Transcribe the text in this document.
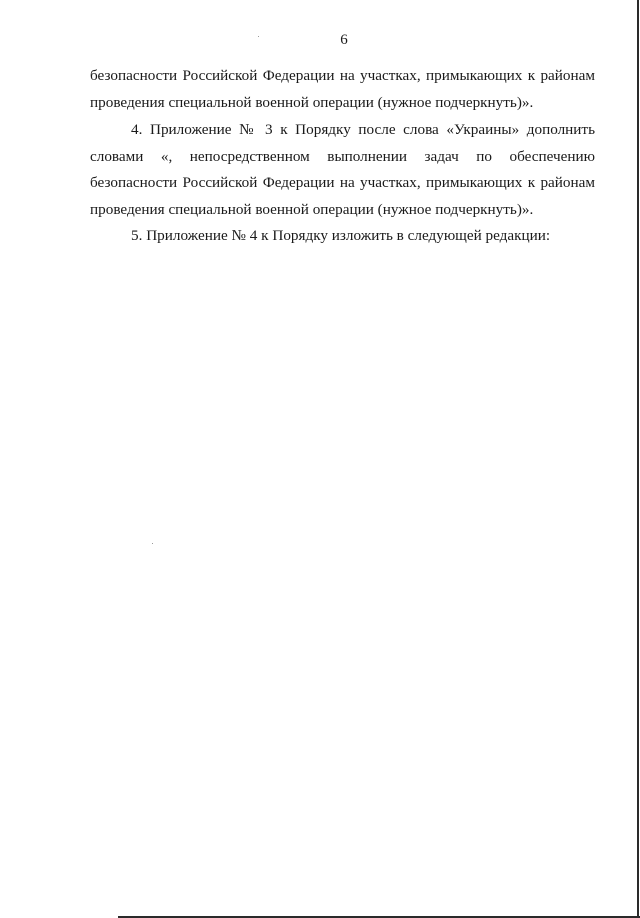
6
безопасности Российской Федерации на участках, примыкающих к районам
проведения специальной военной операции (нужное подчеркнуть)».
4. Приложение № 3 к Порядку после слова «Украины» дополнить
словами «, непосредственном выполнении задач по обеспечению
безопасности Российской Федерации на участках, примыкающих к районам
проведения специальной военной операции (нужное подчеркнуть)».
5. Приложение № 4 к Порядку изложить в следующей редакции:
